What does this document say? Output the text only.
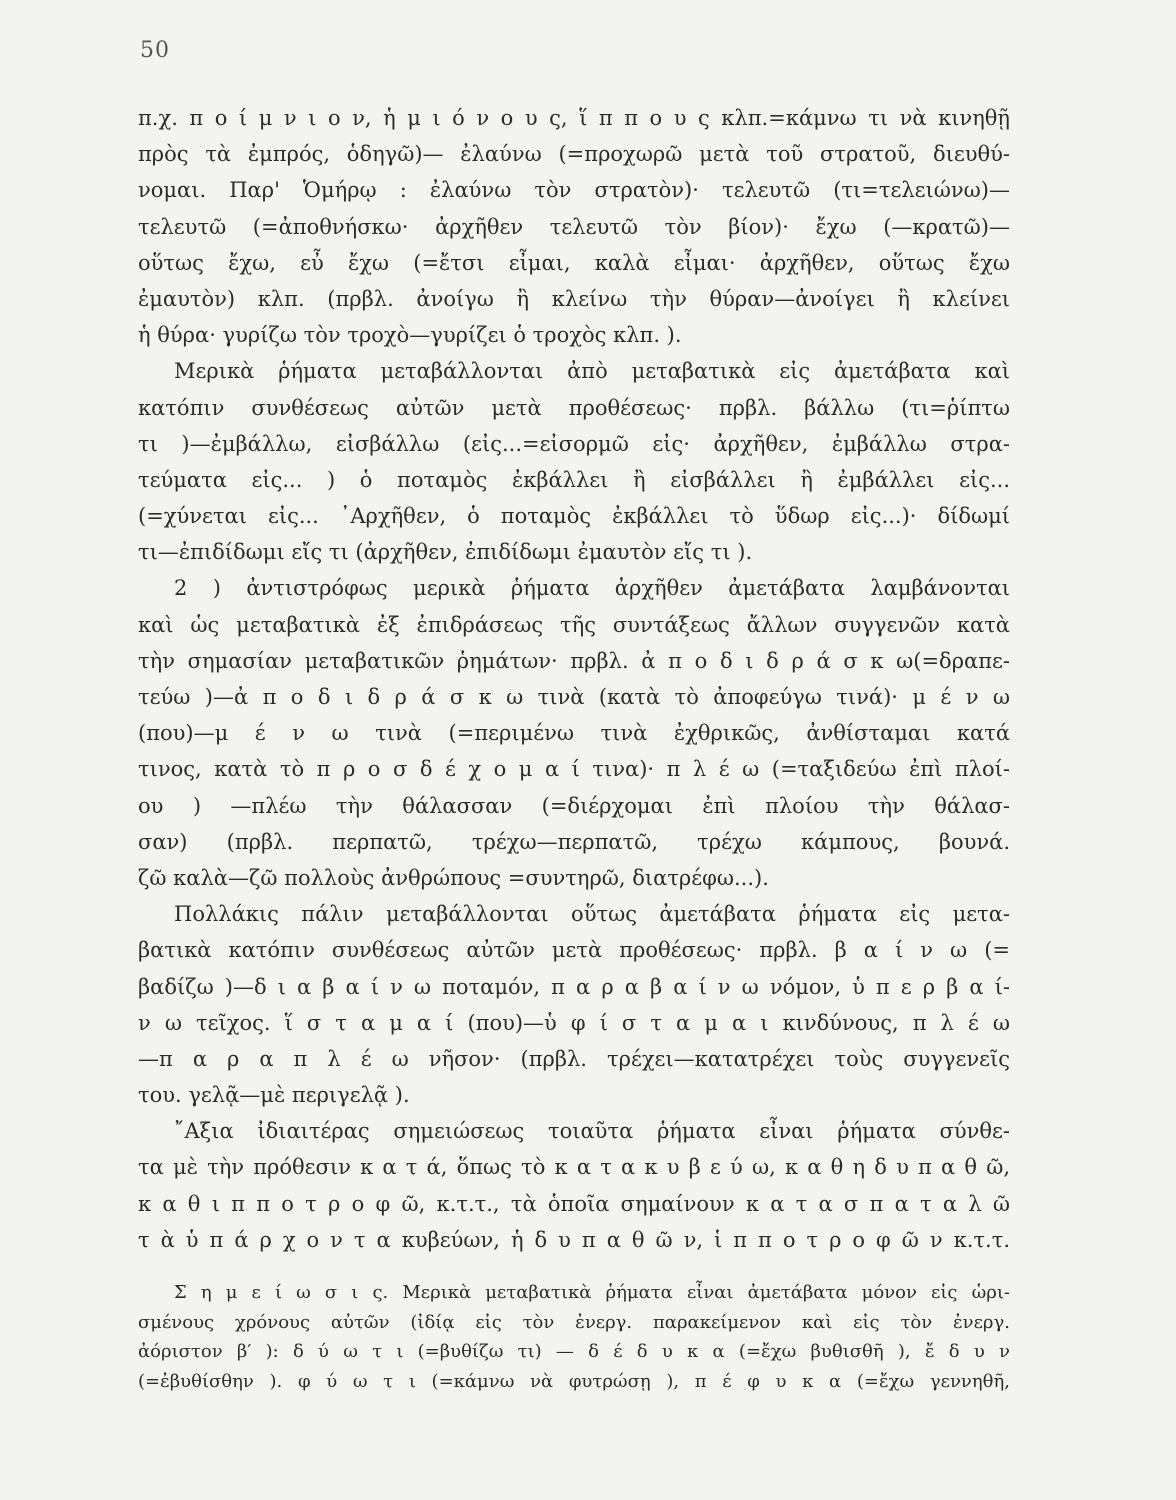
50
π.χ. π ο ί μ ν ι ο ν, ἡ μ ι ό ν ο υ ς, ἵ π π ο υ ς κλπ.=κάμνω τι νὰ κινηθῇ
πρὸς τὰ ἐμπρός, ὁδηγῶ)— ἐλαύνω (=προχωρῶ μετὰ τοῦ στρατοῦ, διευθύ-
νομαι. Παρ' Ὁμήρῳ : ἐλαύνω τὸν στρατὸν)· τελευτῶ (τι=τελειώνω)—
τελευτῶ (=ἀποθνήσκω· ἀρχῆθεν τελευτῶ τὸν βίον)· ἔχω (—κρατῶ)—
οὕτως ἔχω, εὖ ἔχω (=ἔτσι εἶμαι, καλὰ εἶμαι· ἀρχῆθεν, οὕτως ἔχω
ἐμαυτὸν) κλπ. (πρβλ. ἀνοίγω ἢ κλείνω τὴν θύραν—ἀνοίγει ἢ κλείνει
ἡ θύρα· γυρίζω τὸν τροχὸ—γυρίζει ὁ τροχὸς κλπ. ).
Μερικὰ ῥήματα μεταβάλλονται ἀπὸ μεταβατικὰ εἰς ἀμετάβατα καὶ
κατόπιν συνθέσεως αὐτῶν μετὰ προθέσεως· πρβλ. βάλλω (τι=ῥίπτω
τι )—ἐμβάλλω, εἰσβάλλω (εἰς...=εἰσορμῶ εἰς· ἀρχῆθεν, ἐμβάλλω στρα-
τεύματα εἰς... ) ὁ ποταμὸς ἐκβάλλει ἢ εἰσβάλλει ἢ ἐμβάλλει εἰς...
(=χύνεται εἰς... ᾿Αρχῆθεν, ὁ ποταμὸς ἐκβάλλει τὸ ὕδωρ εἰς...)· δίδωμί
τι—ἐπιδίδωμι εἴς τι (ἀρχῆθεν, ἐπιδίδωμι ἐμαυτὸν εἴς τι ).
2 ) ἀντιστρόφως μερικὰ ῥήματα ἀρχῆθεν ἀμετάβατα λαμβάνονται
καὶ ὡς μεταβατικὰ ἐξ ἐπιδράσεως τῆς συντάξεως ἄλλων συγγενῶν κατὰ
τὴν σημασίαν μεταβατικῶν ῥημάτων· πρβλ. ἀ π ο δ ι δ ρ ά σ κ ω(=δραπε-
τεύω )—ἀ π ο δ ι δ ρ ά σ κ ω τινὰ (κατὰ τὸ ἀποφεύγω τινά)· μ έ ν ω
(που)—μ έ ν ω τινὰ (=περιμένω τινὰ ἐχθρικῶς, ἀνθίσταμαι κατά
τινος, κατὰ τὸ π ρ ο σ δ έ χ ο μ α ί τινα)· π λ έ ω (=ταξιδεύω ἐπὶ πλοί-
ου ) —πλέω τὴν θάλασσαν (=διέρχομαι ἐπὶ πλοίου τὴν θάλασ-
σαν) (πρβλ. περπατῶ, τρέχω—περπατῶ, τρέχω κάμπους, βουνά.
ζῶ καλὰ—ζῶ πολλοὺς ἀνθρώπους =συντηρῶ, διατρέφω...).
Πολλάκις πάλιν μεταβάλλονται οὕτως ἀμετάβατα ῥήματα εἰς μετα-
βατικὰ κατόπιν συνθέσεως αὐτῶν μετὰ προθέσεως· πρβλ. β α ί ν ω (=
βαδίζω )—δ ι α β α ί ν ω ποταμόν, π α ρ α β α ί ν ω νόμον, ὑ π ε ρ β α ί-
ν ω τεῖχος. ἵ σ τ α μ α ί (που)—ὑ φ ί σ τ α μ α ι κινδύνους, π λ έ ω
—π α ρ α π λ έ ω νῆσον· (πρβλ. τρέχει—κατατρέχει τοὺς συγγενεῖς
του. γελᾷ—μὲ περιγελᾷ ).
῎Αξια ἰδιαιτέρας σημειώσεως τοιαῦτα ῥήματα εἶναι ῥήματα σύνθε-
τα μὲ τὴν πρόθεσιν κ α τ ά, ὅπως τὸ κ α τ α κ υ β ε ύ ω, κ α θ η δ υ π α θ ῶ,
κ α θ ι π π ο τ ρ ο φ ῶ, κ.τ.τ., τὰ ὁποῖα σημαίνουν κ α τ α σ π α τ α λ ῶ
τ ὰ ὑ π ά ρ χ ο ν τ α κυβεύων, ἡ δ υ π α θ ῶ ν, ἱ π π ο τ ρ ο φ ῶ ν κ.τ.τ.
Σ η μ ε ί ω σ ι ς. Μερικὰ μεταβατικὰ ῥήματα εἶναι ἀμετάβατα μόνον εἰς ὡρι-
σμένους χρόνους αὐτῶν (ἰδίᾳ εἰς τὸν ἐνεργ. παρακείμενον καὶ εἰς τὸν ἐνεργ.
ἀόριστον β′ ): δ ύ ω τ ι (=βυθίζω τι) — δ έ δ υ κ α (=ἔχω βυθισθῆ ), ἔ δ υ ν
(=ἐβυθίσθην ). φ ύ ω τ ι (=κάμνω νὰ φυτρώσῃ ), π έ φ υ κ α (=ἔχω γεννηθῆ,
